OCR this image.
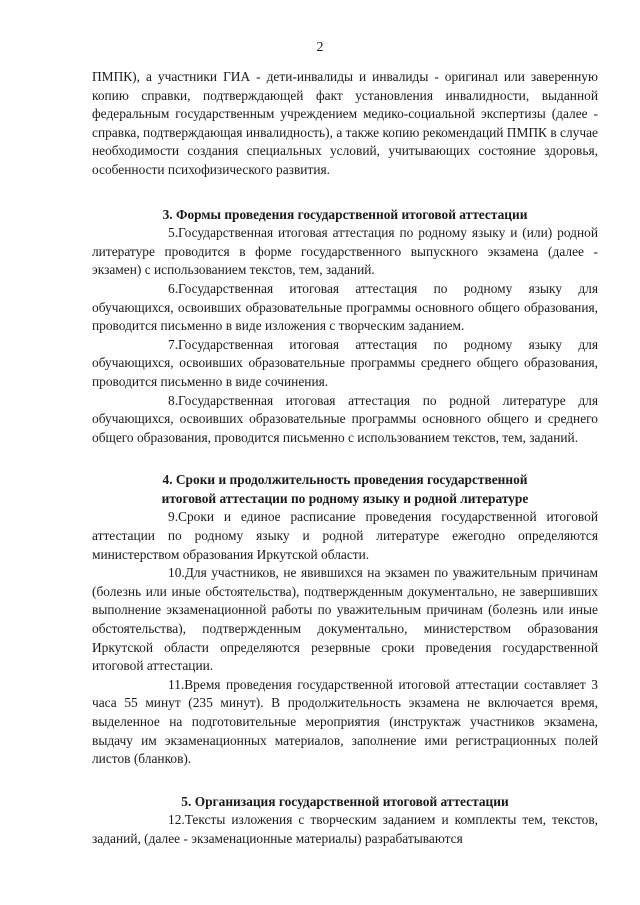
2

ПМПК), а участники ГИА - дети-инвалиды и инвалиды - оригинал или заверенную копию справки, подтверждающей факт установления инвалидности, выданной федеральным государственным учреждением медико-социальной экспертизы (далее - справка, подтверждающая инвалидность), а также копию рекомендаций ПМПК в случае необходимости создания специальных условий, учитывающих состояние здоровья, особенности психофизического развития.

3. Формы проведения государственной итоговой аттестации

5.Государственная итоговая аттестация по родному языку и (или) родной литературе проводится в форме государственного выпускного экзамена (далее - экзамен) с использованием текстов, тем, заданий.

6.Государственная итоговая аттестация по родному языку для обучающихся, освоивших образовательные программы основного общего образования, проводится письменно в виде изложения с творческим заданием.

7.Государственная итоговая аттестация по родному языку для обучающихся, освоивших образовательные программы среднего общего образования, проводится письменно в виде сочинения.

8.Государственная итоговая аттестация по родной литературе для обучающихся, освоивших образовательные программы основного общего и среднего общего образования, проводится письменно с использованием текстов, тем, заданий.

4. Сроки и продолжительность проведения государственной
итоговой аттестации по родному языку и родной литературе

9.Сроки и единое расписание проведения государственной итоговой аттестации по родному языку и родной литературе ежегодно определяются министерством образования Иркутской области.

10.Для участников, не явившихся на экзамен по уважительным причинам (болезнь или иные обстоятельства), подтвержденным документально, не завершивших выполнение экзаменационной работы по уважительным причинам (болезнь или иные обстоятельства), подтвержденным документально, министерством образования Иркутской области определяются резервные сроки проведения государственной итоговой аттестации.

11.Время проведения государственной итоговой аттестации составляет 3 часа 55 минут (235 минут). В продолжительность экзамена не включается время, выделенное на подготовительные мероприятия (инструктаж участников экзамена, выдачу им экзаменационных материалов, заполнение ими регистрационных полей листов (бланков).

5. Организация государственной итоговой аттестации

12.Тексты изложения с творческим заданием и комплекты тем, текстов, заданий, (далее - экзаменационные материалы) разрабатываются
